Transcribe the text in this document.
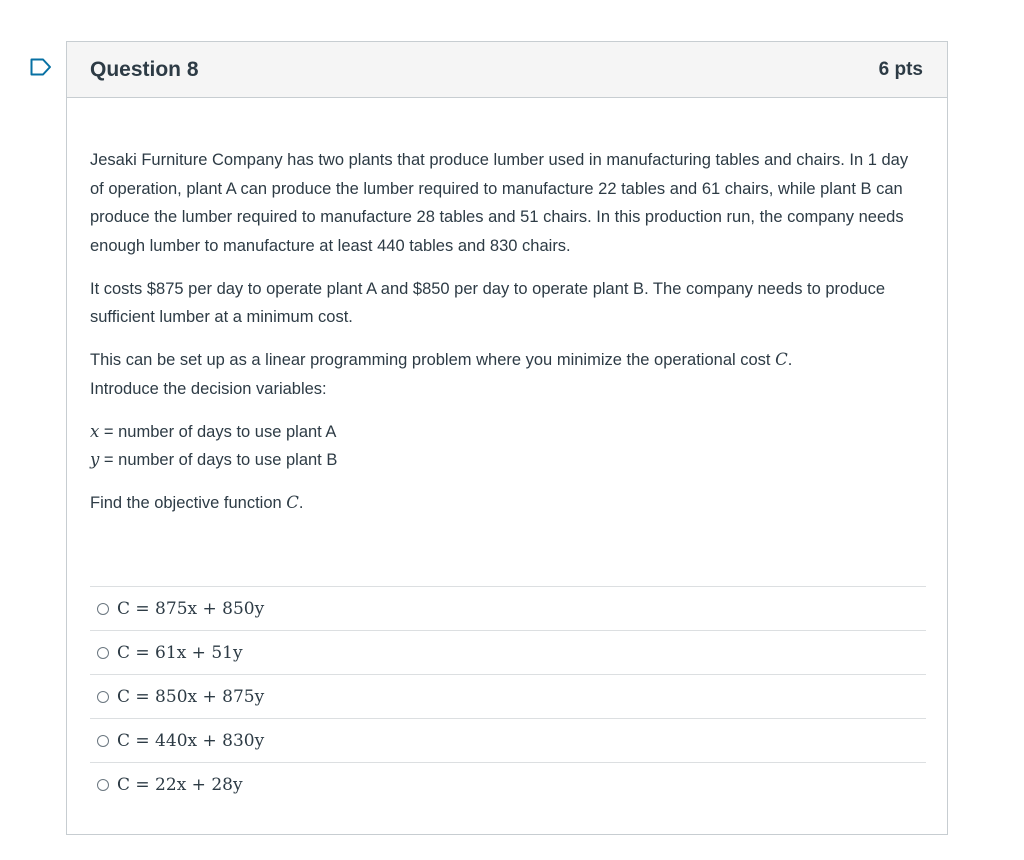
Question 8	6 pts

Jesaki Furniture Company has two plants that produce lumber used in manufacturing tables and chairs. In 1 day of operation, plant A can produce the lumber required to manufacture 22 tables and 61 chairs, while plant B can produce the lumber required to manufacture 28 tables and 51 chairs. In this production run, the company needs enough lumber to manufacture at least 440 tables and 830 chairs.

It costs $875 per day to operate plant A and $850 per day to operate plant B. The company needs to produce sufficient lumber at a minimum cost.

This can be set up as a linear programming problem where you minimize the operational cost C.
Introduce the decision variables:

x = number of days to use plant A
y = number of days to use plant B

Find the objective function C.

C = 875x + 850y
C = 61x + 51y
C = 850x + 875y
C = 440x + 830y
C = 22x + 28y
